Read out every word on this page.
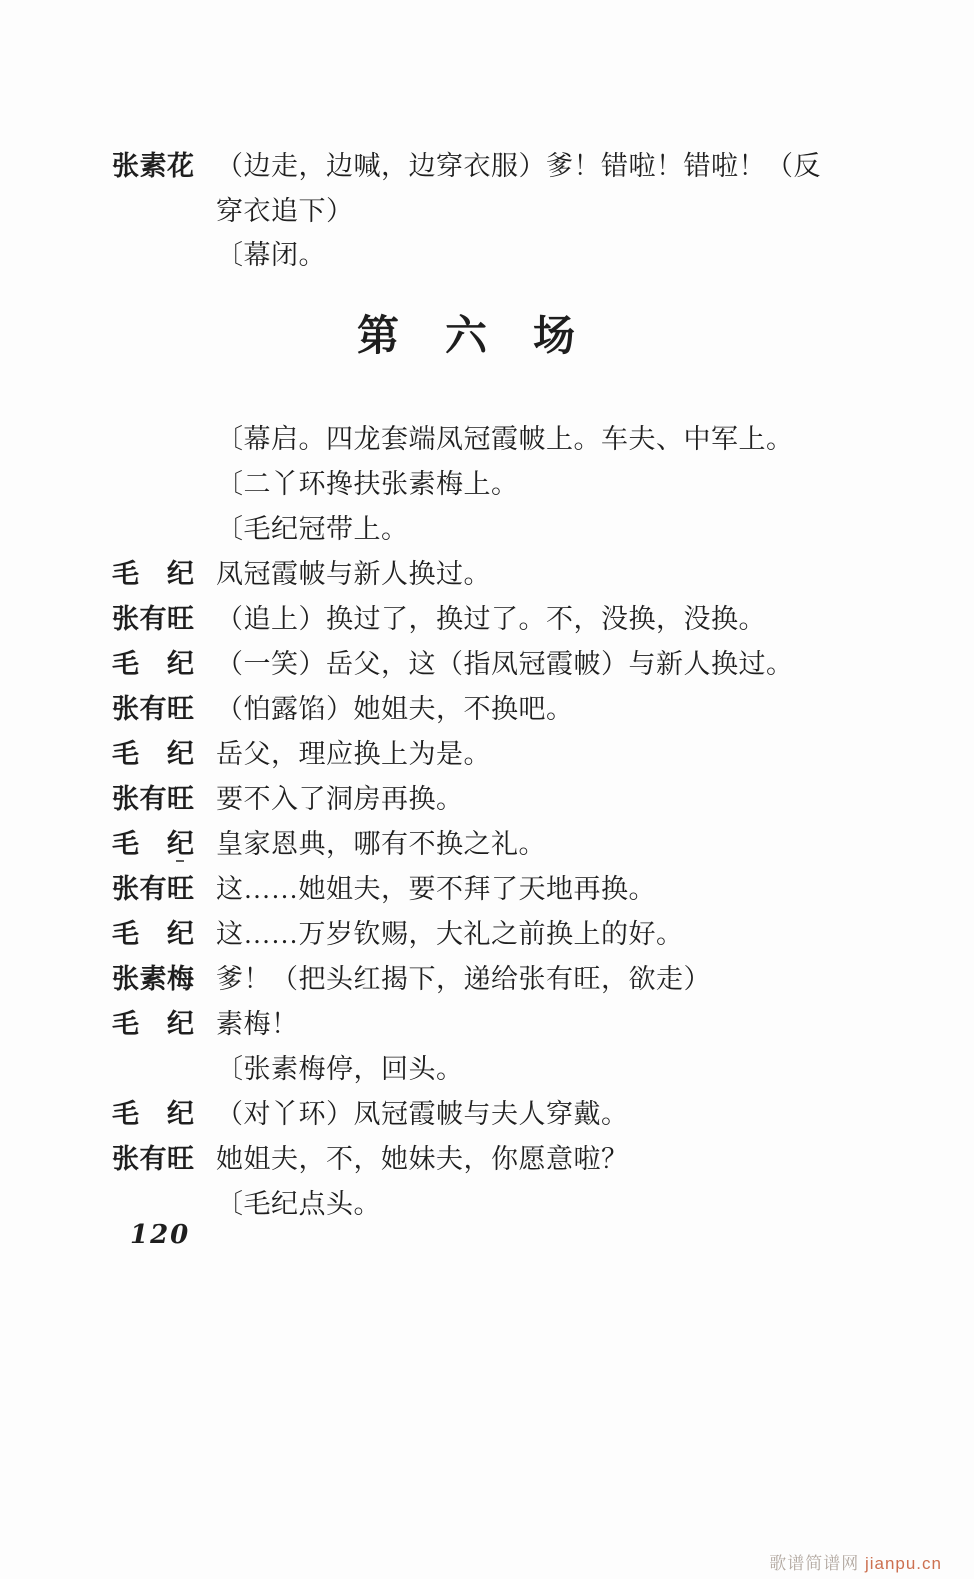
张素花 （边走，边喊，边穿衣服）爹！错啦！错啦！（反
穿衣追下）
〔幕闭。
第　六　场
〔幕启。四龙套端凤冠霞帔上。车夫、中军上。
〔二丫环搀扶张素梅上。
〔毛纪冠带上。
毛　纪 凤冠霞帔与新人换过。
张有旺 （追上）换过了，换过了。不，没换，没换。
毛　纪 （一笑）岳父，这（指凤冠霞帔）与新人换过。
张有旺 （怕露馅）她姐夫，不换吧。
毛　纪 岳父，理应换上为是。
张有旺 要不入了洞房再换。
毛　纪 皇家恩典，哪有不换之礼。
张有旺 这……她姐夫，要不拜了天地再换。
毛　纪 这……万岁钦赐，大礼之前换上的好。
张素梅 爹！（把头红揭下，递给张有旺，欲走）
毛　纪 素梅！
〔张素梅停，回头。
毛　纪 （对丫环）凤冠霞帔与夫人穿戴。
张有旺 她姐夫，不，她妹夫，你愿意啦？
〔毛纪点头。
120
歌谱简谱网 jianpu.cn
